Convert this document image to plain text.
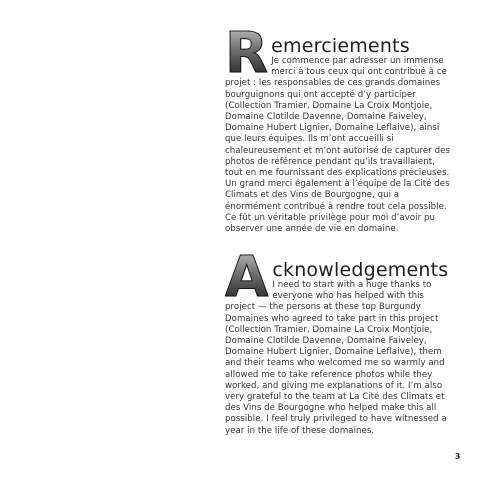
R emerciements

Je commence par adresser un immense merci à tous ceux qui ont contribué à ce projet : les responsables de ces grands domaines bourguignons qui ont accepté d’y participer (Collection Tramier, Domaine La Croix Montjoie, Domaine Clotilde Davenne, Domaine Faiveley, Domaine Hubert Lignier, Domaine Leflaive), ainsi que leurs équipes. Ils m’ont accueilli si chaleureusement et m’ont autorisé de capturer des photos de référence pendant qu’ils travaillaient, tout en me fournissant des explications précieuses. Un grand merci également à l’équipe de la Cité des Climats et des Vins de Bourgogne, qui a énormément contribué à rendre tout cela possible. Ce fût un véritable privilège pour moi d’avoir pu observer une année de vie en domaine.

A cknowledgements

I need to start with a huge thanks to everyone who has helped with this project — the persons at these top Burgundy Domaines who agreed to take part in this project (Collection Tramier, Domaine La Croix Montjoie, Domaine Clotilde Davenne, Domaine Faiveley, Domaine Hubert Lignier, Domaine Leflaive), them and their teams who welcomed me so warmly and allowed me to take reference photos while they worked, and giving me explanations of it. I’m also very grateful to the team at La Cité des Climats et des Vins de Bourgogne who helped make this all possible. I feel truly privileged to have witnessed a year in the life of these domaines.

3
